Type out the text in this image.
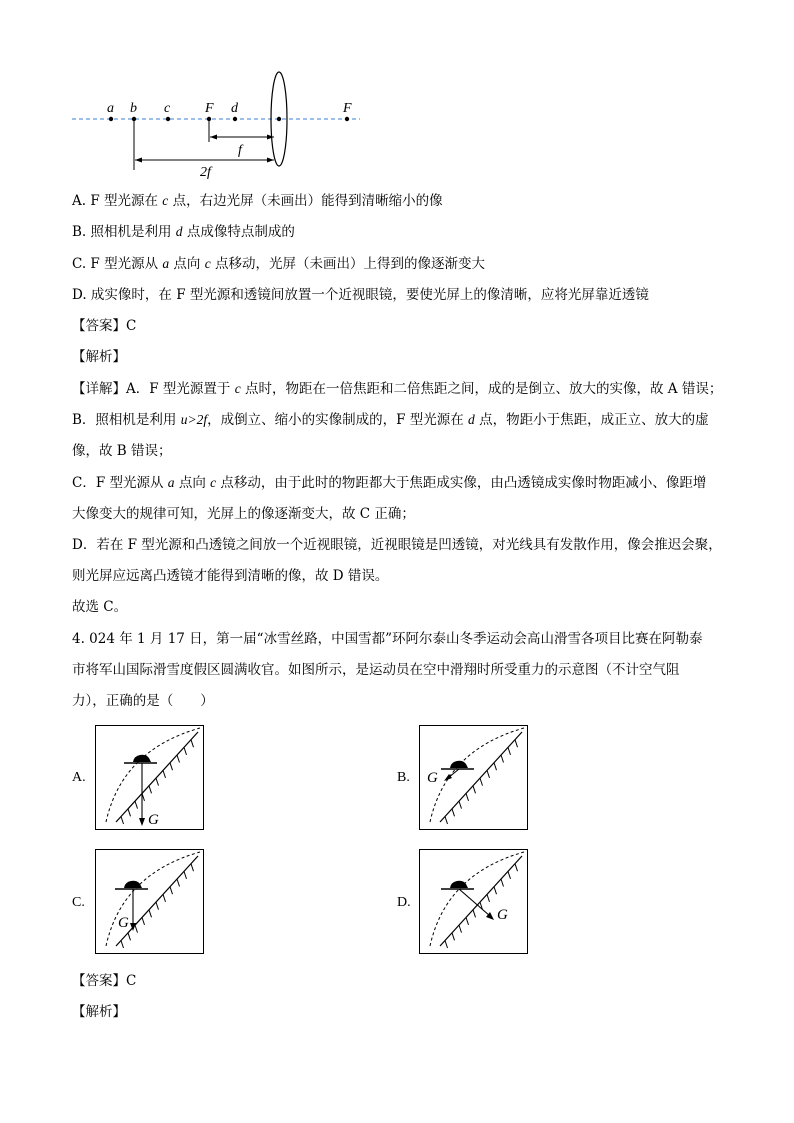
a b c F d	F
f
2f
A. F 型光源在 c 点，右边光屏（未画出）能得到清晰缩小的像
B. 照相机是利用 d 点成像特点制成的
C. F 型光源从 a 点向 c 点移动，光屏（未画出）上得到的像逐渐变大
D. 成实像时，在 F 型光源和透镜间放置一个近视眼镜，要使光屏上的像清晰，应将光屏靠近透镜
【答案】C
【解析】
【详解】A．F 型光源置于 c 点时，物距在一倍焦距和二倍焦距之间，成的是倒立、放大的实像，故 A 错误；
B．照相机是利用 u>2f，成倒立、缩小的实像制成的，F 型光源在 d 点，物距小于焦距，成正立、放大的虚
像，故 B 错误；
C．F 型光源从 a 点向 c 点移动，由于此时的物距都大于焦距成实像，由凸透镜成实像时物距减小、像距增
大像变大的规律可知，光屏上的像逐渐变大，故 C 正确；
D．若在 F 型光源和凸透镜之间放一个近视眼镜，近视眼镜是凹透镜，对光线具有发散作用，像会推迟会聚，
则光屏应远离凸透镜才能得到清晰的像，故 D 错误。
故选 C。
4. 024 年 1 月 17 日，第一届“冰雪丝路，中国雪都”环阿尔泰山冬季运动会高山滑雪各项目比赛在阿勒泰
市将军山国际滑雪度假区圆满收官。如图所示，是运动员在空中滑翔时所受重力的示意图（不计空气阻
力），正确的是（　　）
A.
G
B. G
C.
G
D.
G
【答案】C
【解析】
